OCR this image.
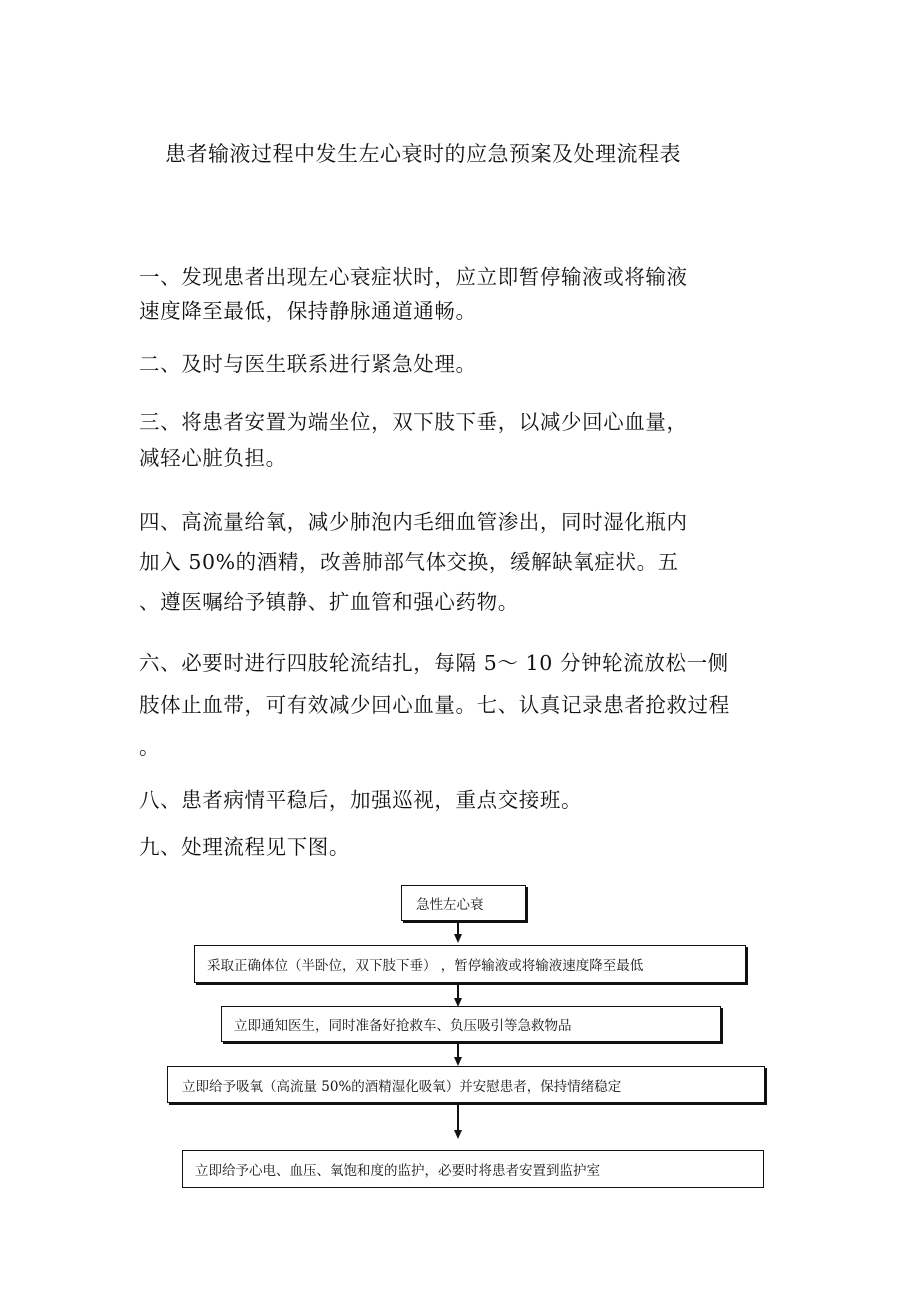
患者输液过程中发生左心衰时的应急预案及处理流程表
一、发现患者出现左心衰症状时，应立即暂停输液或将输液
速度降至最低，保持静脉通道通畅。
二、及时与医生联系进行紧急处理。
三、将患者安置为端坐位，双下肢下垂，以减少回心血量，
减轻心脏负担。
四、高流量给氧，减少肺泡内毛细血管渗出，同时湿化瓶内
加入 50%的酒精，改善肺部气体交换，缓解缺氧症状。五
、遵医嘱给予镇静、扩血管和强心药物。
六、必要时进行四肢轮流结扎，每隔 5～ 10 分钟轮流放松一侧
肢体止血带，可有效减少回心血量。七、认真记录患者抢救过程
。
八、患者病情平稳后，加强巡视，重点交接班。
九、处理流程见下图。
急性左心衰
采取正确体位（半卧位，双下肢下垂） ，暂停输液或将输液速度降至最低
立即通知医生，同时准备好抢救车、负压吸引等急救物品
立即给予吸氧（高流量 50%的酒精湿化吸氧）并安慰患者，保持情绪稳定
立即给予心电、血压、氧饱和度的监护，必要时将患者安置到监护室
